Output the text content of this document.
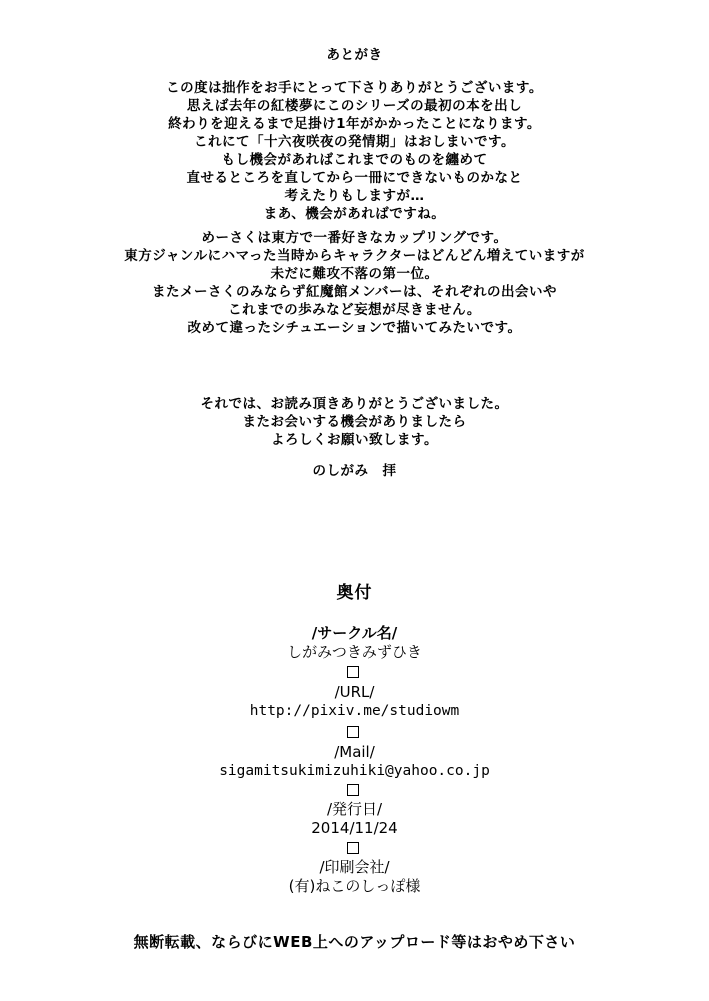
あとがき
この度は拙作をお手にとって下さりありがとうございます。
思えば去年の紅楼夢にこのシリーズの最初の本を出し
終わりを迎えるまで足掛け1年がかかったことになります。
これにて「十六夜咲夜の発情期」はおしまいです。
もし機会があればこれまでのものを纏めて
直せるところを直してから一冊にできないものかなと
考えたりもしますが…
まあ、機会があればですね。
めーさくは東方で一番好きなカップリングです。
東方ジャンルにハマった当時からキャラクターはどんどん増えていますが
未だに難攻不落の第一位。
またメーさくのみならず紅魔館メンバーは、それぞれの出会いや
これまでの歩みなど妄想が尽きません。
改めて違ったシチュエーションで描いてみたいです。
それでは、お読み頂きありがとうございました。
またお会いする機会がありましたら
よろしくお願い致します。
のしがみ　拝
奥付
/サークル名/
しがみつきみずひき
/URL/
http://pixiv.me/studiowm
/Mail/
sigamitsukimizuhiki@yahoo.co.jp
/発行日/
2014/11/24
/印刷会社/
(有)ねこのしっぽ様
無断転載、ならびにWEB上へのアップロード等はおやめ下さい
